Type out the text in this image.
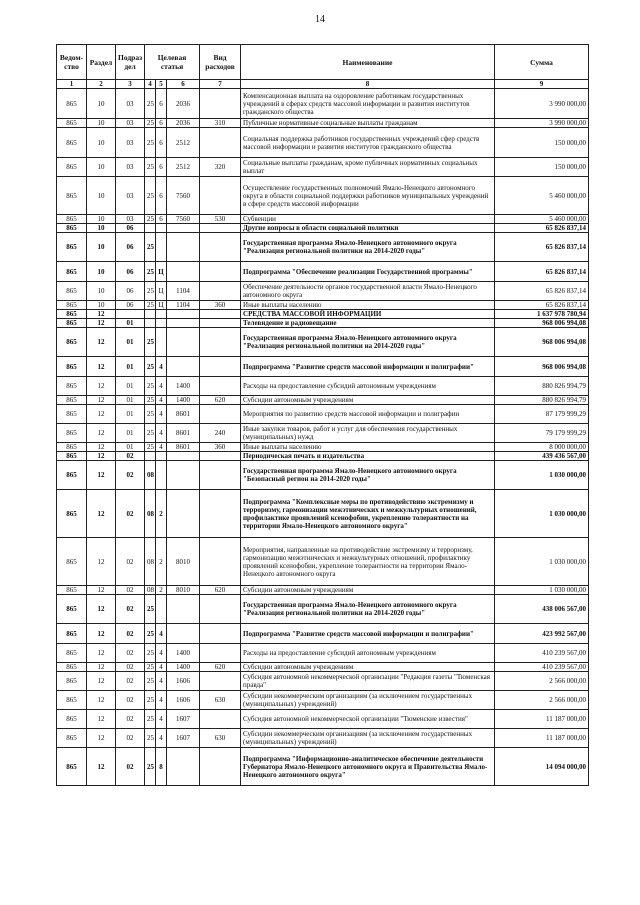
14
Ведом-ство	Раздел	Подраз дел	Целевая статья			Вид расходов	Наименование	Сумма
1	2	3	4	5	6	7	8	9
865	10	03	25	6	2036		Компенсационная выплата на оздоровление работникам государственных учреждений в сферах средств массовой информации и развития институтов гражданского общества	3 990 000,00
865	10	03	25	6	2036	310	Публичные нормативные социальные выплаты гражданам	3 990 000,00
865	10	03	25	6	2512		Социальная поддержка работников государственных учреждений сфер средств массовой информации и развития институтов гражданского общества	150 000,00
865	10	03	25	6	2512	320	Социальные выплаты гражданам, кроме публичных нормативных социальных выплат	150 000,00
865	10	03	25	6	7560		Осуществление государственных полномочий Ямало-Ненецкого автономного округа в области социальной поддержки работников муниципальных учреждений в сфере средств массовой информации	5 460 000,00
865	10	03	25	6	7560	530	Субвенции	5 460 000,00
865	10	06					Другие вопросы в области социальной политики	65 826 837,14
865	10	06	25				Государственная программа Ямало-Ненецкого автономного округа "Реализация региональной политики на 2014-2020 годы"	65 826 837,14
865	10	06	25	Ц			Подпрограмма "Обеспечение реализации Государственной программы"	65 826 837,14
865	10	06	25	Ц	1104		Обеспечение деятельности органов государственной власти Ямало-Ненецкого автономного округа	65 826 837,14
865	10	06	25	Ц	1104	360	Иные выплаты населению	65 826 837,14
865	12						СРЕДСТВА МАССОВОЙ ИНФОРМАЦИИ	1 637 978 780,94
865	12	01					Телевидение и радиовещание	968 006 994,08
865	12	01	25				Государственная программа Ямало-Ненецкого автономного округа "Реализация региональной политики на 2014-2020 годы"	968 006 994,08
865	12	01	25	4			Подпрограмма "Развитие средств массовой информации и полиграфии"	968 006 994,08
865	12	01	25	4	1400		Расходы на предоставление субсидий автономным учреждениям	880 826 994,79
865	12	01	25	4	1400	620	Субсидии автономным учреждениям	880 826 994,79
865	12	01	25	4	8601		Мероприятия по развитию средств массовой информации и полиграфии	87 179 999,29
865	12	01	25	4	8601	240	Иные закупки товаров, работ и услуг для обеспечения государственных (муниципальных) нужд	79 179 999,29
865	12	01	25	4	8601	360	Иные выплаты населению	8 000 000,00
865	12	02					Периодическая печать и издательства	439 436 567,00
865	12	02	08				Государственная программа Ямало-Ненецкого автономного округа "Безопасный регион на 2014-2020 годы"	1 030 000,00
865	12	02	08	2			Подпрограмма "Комплексные меры по противодействию экстремизму и терроризму, гармонизации межэтнических и межкультурных отношений, профилактике проявлений ксенофобии, укреплению толерантности на территории Ямало-Ненецкого автономного округа"	1 030 000,00
865	12	02	08	2	8010		Мероприятия, направленные на противодействие экстремизму и терроризму, гармонизацию межэтнических и межкультурных отношений, профилактику проявлений ксенофобии, укрепление толерантности на территории Ямало-Ненецкого автономного округа	1 030 000,00
865	12	02	08	2	8010	620	Субсидии автономным учреждениям	1 030 000,00
865	12	02	25				Государственная программа Ямало-Ненецкого автономного округа "Реализация региональной политики на 2014-2020 годы"	438 006 567,00
865	12	02	25	4			Подпрограмма "Развитие средств массовой информации и полиграфии"	423 992 567,00
865	12	02	25	4	1400		Расходы на предоставление субсидий автономным учреждениям	410 239 567,00
865	12	02	25	4	1400	620	Субсидии автономным учреждениям	410 239 567,00
865	12	02	25	4	1606		Субсидия автономной некоммерческой организации "Редакция газеты "Тюменская правда"	2 566 000,00
865	12	02	25	4	1606	630	Субсидии некоммерческим организациям (за исключением государственных (муниципальных) учреждений)	2 566 000,00
865	12	02	25	4	1607		Субсидия автономной некоммерческой организации "Тюменские известия"	11 187 000,00
865	12	02	25	4	1607	630	Субсидии некоммерческим организациям (за исключением государственных (муниципальных) учреждений)	11 187 000,00
865	12	02	25	8			Подпрограмма "Информационно-аналитическое обеспечение деятельности Губернатора Ямало-Ненецкого автономного округа и Правительства Ямало-Ненецкого автономного округа"	14 094 000,00
